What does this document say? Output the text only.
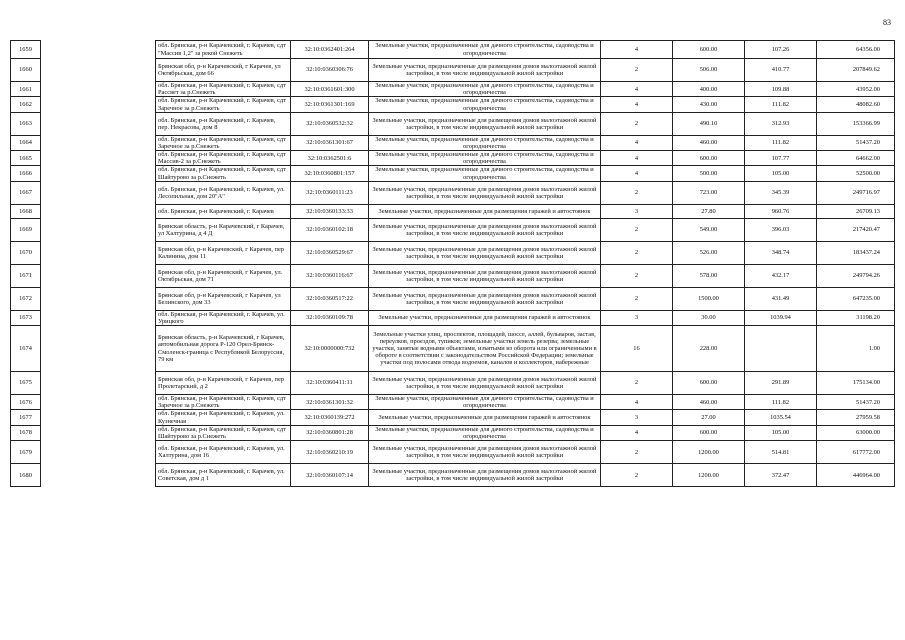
83
1659		обл. Брянская, р-н Карачевский, г. Карачев, сдт "Массив 1,2" за рекой Снежеть	32:10:0362401:264	Земельные участки, предназначенные для дачного строительства, садоводства и огородничества	4	600.00	107.26	64356.00
1660		Брянская обл, р-н Карачевский, г Карачев, ул Октябрьская, дом 66	32:10:0360306:76	Земельные участки, предназначенные для размещения домов малоэтажной жилой застройки, в том числе индивидуальной жилой застройки	2	506.00	410.77	207849.62
1661		обл. Брянская, р-н Карачевский, г. Карачев, сдт Рассвет за р.Снежеть	32:10:0361601:300	Земельные участки, предназначенные для дачного строительства, садоводства и огородничества	4	400.00	109.88	43952.00
1662		обл. Брянская, р-н Карачевский, г. Карачев, сдт Заречное за р.Снежеть	32:10:0361301:169	Земельные участки, предназначенные для дачного строительства, садоводства и огородничества	4	430.00	111.82	48082.60
1663		обл. Брянская, р-н Карачевский, г. Карачев, пер. Некрасова, дом 8	32:10:0360532:32	Земельные участки, предназначенные для размещения домов малоэтажной жилой застройки, в том числе индивидуальной жилой застройки	2	490.10	312.93	153366.99
1664		обл. Брянская, р-н Карачевский, г. Карачев, сдт Заречное за р.Снежеть	32:10:0361301:67	Земельные участки, предназначенные для дачного строительства, садоводства и огородничества	4	460.00	111.82	51437.20
1665		обл. Брянская, р-н Карачевский, г. Карачев, сдт Массив-2 за р.Снежеть	32:10:0362501:6	Земельные участки, предназначенные для дачного строительства, садоводства и огородничества	4	600.00	107.77	64662.00
1666		обл. Брянская, р-н Карачевский, г. Карачев, сдт Шайтурово за р.Снежеть	32:10:0360801:157	Земельные участки, предназначенные для дачного строительства, садоводства и огородничества	4	500.00	105.00	52500.00
1667		обл. Брянская, р-н Карачевский, г. Карачев, ул. Лесопильная, дом 20"А"	32:10:0360111:23	Земельные участки, предназначенные для размещения домов малоэтажной жилой застройки, в том числе индивидуальной жилой застройки	2	723.00	345.39	249716.97
1668		обл. Брянская, р-н Карачевский, г. Карачев	32:10:0360133:33	Земельные участки, предназначенные для размещения гаражей и автостоянок	3	27.80	960.76	26709.13
1669		Брянская область, р-н Карачевский, г Карачев, ул Халтурина, д 4 Д	32:10:0360102:18	Земельные участки, предназначенные для размещения домов малоэтажной жилой застройки, в том числе индивидуальной жилой застройки	2	549.00	396.03	217420.47
1670		Брянская обл, р-н Карачевский, г Карачев, пер Калинина, дом 11	32:10:0360529:67	Земельные участки, предназначенные для размещения домов малоэтажной жилой застройки, в том числе индивидуальной жилой застройки	2	526.00	348.74	183437.24
1671		Брянская обл, р-н Карачевский, г Карачев, ул. Октябрьская, дом 71	32:10:0360116:67	Земельные участки, предназначенные для размещения домов малоэтажной жилой застройки, в том числе индивидуальной жилой застройки	2	578.00	432.17	249794.26
1672		Брянская обл, р-н Карачевский, г Карачев, ул Белинского, дом 33	32:10:0360517:22	Земельные участки, предназначенные для размещения домов малоэтажной жилой застройки, в том числе индивидуальной жилой застройки	2	1500.00	431.49	647235.00
1673		обл. Брянская, р-н Карачевский, г. Карачев, ул. Урицкого	32:10:0360109:78	Земельные участки, предназначенные для размещения гаражей и автостоянок	3	30.00	1039.94	31198.20
1674		Брянская область, р-н Карачевский, г Карачев, автомобильная дорога Р-120 Орел-Брянск-Смоленск-граница с Республикой Белоруссия, 79 км	32:10:0000000:732	Земельные участки улиц, проспектов, площадей, шоссе, аллей, бульваров, застав, переулков, проездов, тупиков; земельные участки земель резерва; земельные участки, занятые водными объектами, изъятыми из оборота или ограниченными в обороте в соответствии с законодательством Российской Федерации; земельные участки под полосами отвода водоемов, каналов и коллекторов, набережные	16	228.00		1.00
1675		Брянская обл, р-н Карачевский, г Карачев, пер Пролетарский, д 2	32:10:0360411:11	Земельные участки, предназначенные для размещения домов малоэтажной жилой застройки, в том числе индивидуальной жилой застройки	2	600.00	291.89	175134.00
1676		обл. Брянская, р-н Карачевский, г. Карачев, сдт Заречное за р.Снежеть	32:10:0361301:32	Земельные участки, предназначенные для дачного строительства, садоводства и огородничества	4	460.00	111.82	51437.20
1677		обл. Брянская, р-н Карачевский, г. Карачев, ул. Кузнечная	32:10:0360139:272	Земельные участки, предназначенные для размещения гаражей и автостоянок	3	27.00	1035.54	27959.58
1678		обл. Брянская, р-н Карачевский, г. Карачев, сдт Шайтурово за р.Снежеть	32:10:0360801:28	Земельные участки, предназначенные для дачного строительства, садоводства и огородничества	4	600.00	105.00	63000.00
1679		обл. Брянская, р-н Карачевский, г. Карачев, ул. Халтурина, дом 16	32:10:0360210:19	Земельные участки, предназначенные для размещения домов малоэтажной жилой застройки, в том числе индивидуальной жилой застройки	2	1200.00	514.81	617772.00
1680		обл. Брянская, р-н Карачевский, г. Карачев, ул. Советская, дом д 1	32:10:0360107:14	Земельные участки, предназначенные для размещения домов малоэтажной жилой застройки, в том числе индивидуальной жилой застройки	2	1200.00	372.47	446964.00
